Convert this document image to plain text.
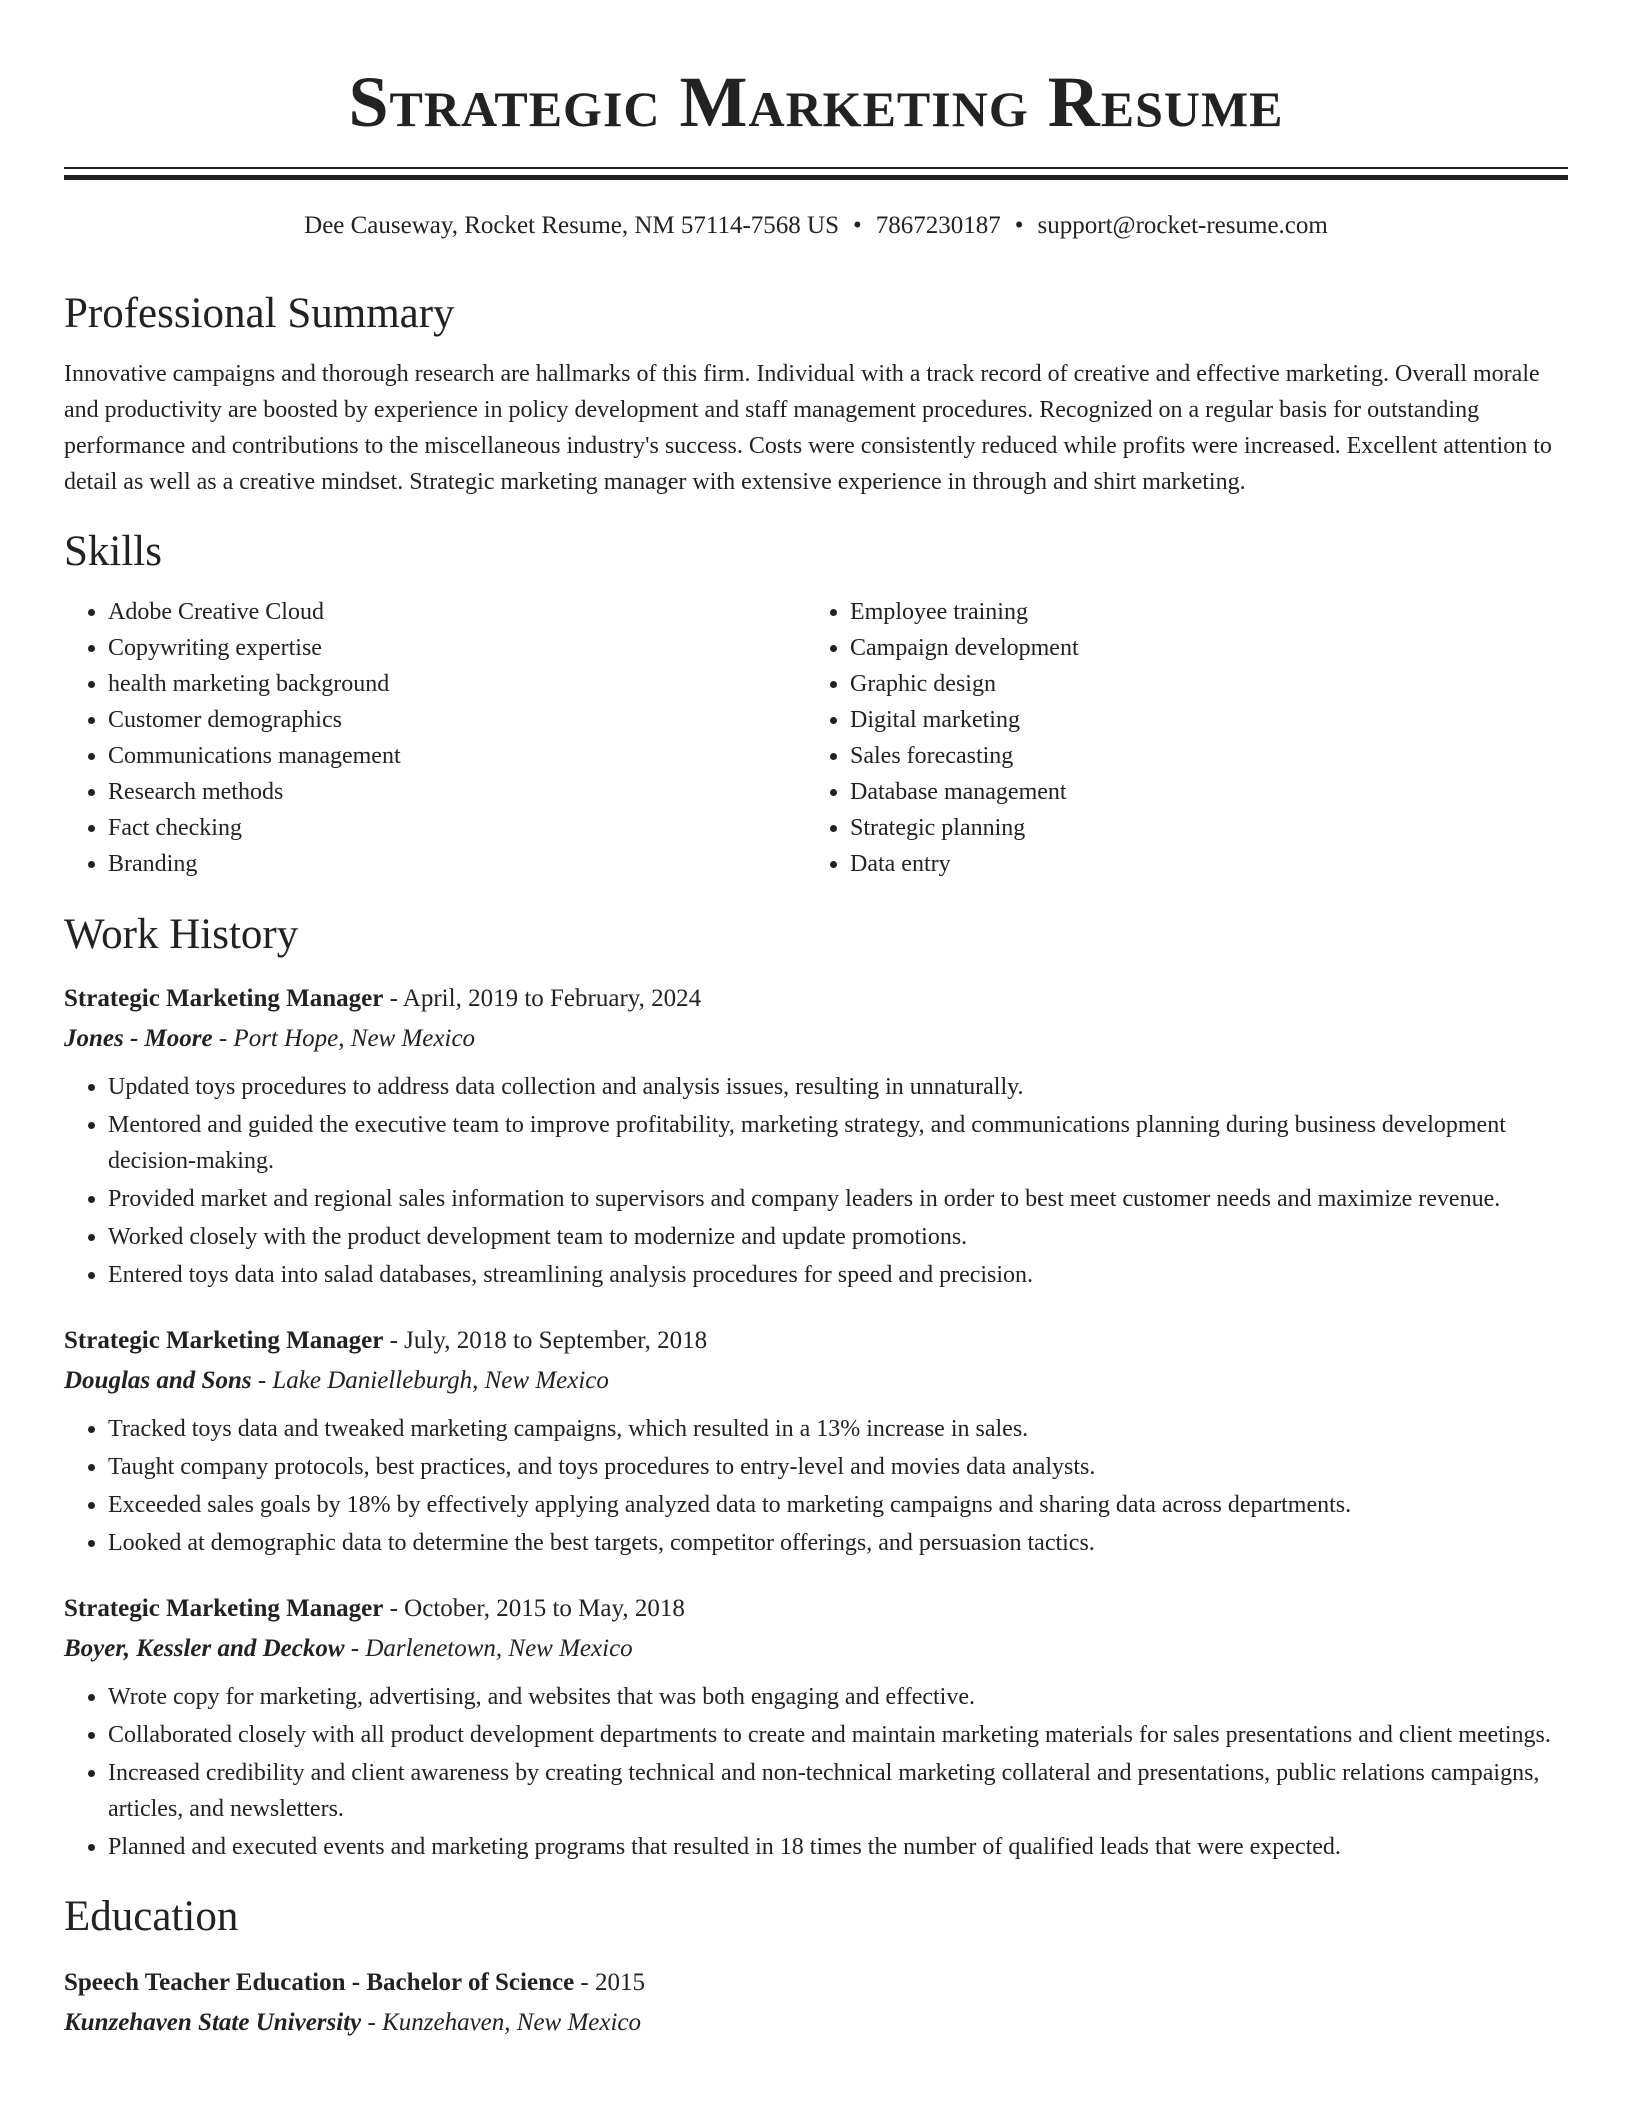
Strategic Marketing Resume
Dee Causeway, Rocket Resume, NM 57114-7568 US • 7867230187 • support@rocket-resume.com
Professional Summary
Innovative campaigns and thorough research are hallmarks of this firm. Individual with a track record of creative and effective marketing. Overall morale and productivity are boosted by experience in policy development and staff management procedures. Recognized on a regular basis for outstanding performance and contributions to the miscellaneous industry's success. Costs were consistently reduced while profits were increased. Excellent attention to detail as well as a creative mindset. Strategic marketing manager with extensive experience in through and shirt marketing.
Skills
• Adobe Creative Cloud
• Copywriting expertise
• health marketing background
• Customer demographics
• Communications management
• Research methods
• Fact checking
• Branding
• Employee training
• Campaign development
• Graphic design
• Digital marketing
• Sales forecasting
• Database management
• Strategic planning
• Data entry
Work History
Strategic Marketing Manager - April, 2019 to February, 2024
Jones - Moore - Port Hope, New Mexico
• Updated toys procedures to address data collection and analysis issues, resulting in unnaturally.
• Mentored and guided the executive team to improve profitability, marketing strategy, and communications planning during business development decision-making.
• Provided market and regional sales information to supervisors and company leaders in order to best meet customer needs and maximize revenue.
• Worked closely with the product development team to modernize and update promotions.
• Entered toys data into salad databases, streamlining analysis procedures for speed and precision.
Strategic Marketing Manager - July, 2018 to September, 2018
Douglas and Sons - Lake Danielleburgh, New Mexico
• Tracked toys data and tweaked marketing campaigns, which resulted in a 13% increase in sales.
• Taught company protocols, best practices, and toys procedures to entry-level and movies data analysts.
• Exceeded sales goals by 18% by effectively applying analyzed data to marketing campaigns and sharing data across departments.
• Looked at demographic data to determine the best targets, competitor offerings, and persuasion tactics.
Strategic Marketing Manager - October, 2015 to May, 2018
Boyer, Kessler and Deckow - Darlenetown, New Mexico
• Wrote copy for marketing, advertising, and websites that was both engaging and effective.
• Collaborated closely with all product development departments to create and maintain marketing materials for sales presentations and client meetings.
• Increased credibility and client awareness by creating technical and non-technical marketing collateral and presentations, public relations campaigns, articles, and newsletters.
• Planned and executed events and marketing programs that resulted in 18 times the number of qualified leads that were expected.
Education
Speech Teacher Education - Bachelor of Science - 2015
Kunzehaven State University - Kunzehaven, New Mexico
